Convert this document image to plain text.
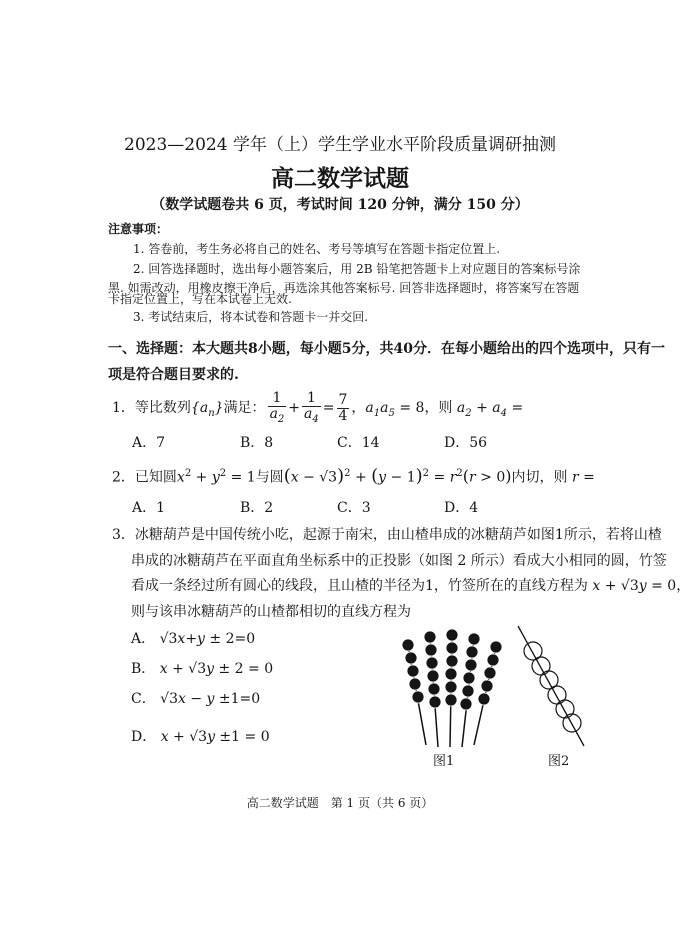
2023—2024 学年（上）学生学业水平阶段质量调研抽测
高二数学试题
（数学试题卷共 6 页，考试时间 120 分钟，满分 150 分）
注意事项：
1. 答卷前，考生务必将自己的姓名、考号等填写在答题卡指定位置上.
2. 回答选择题时，选出每小题答案后，用 2B 铅笔把答题卡上对应题目的答案标号涂
黑. 如需改动，用橡皮擦干净后，再选涂其他答案标号. 回答非选择题时，将答案写在答题
卡指定位置上，写在本试卷上无效.
3. 考试结束后，将本试卷和答题卡一并交回.
一、选择题：本大题共8小题，每小题5分，共40分．在每小题给出的四个选项中，只有一
项是符合题目要求的.
1．等比数列$\{a_n\}$满足： $\frac{1}{a_2} + \frac{1}{a_4} = \frac{7}{4}$ ，$a_1a_5 = 8$，则 $a_2 + a_4$ =
A．7	B．8	C．14	D．56
2．已知圆$x^2 + y^2 = 1$与圆$(x - √3)^2 + (y - 1)^2 = r^2(r > 0)$内切，则 r =
A．1	B．2	C．3	D．4
3．冰糖葫芦是中国传统小吃，起源于南宋，由山楂串成的冰糖葫芦如图1所示，若将山楂
串成的冰糖葫芦在平面直角坐标系中的正投影（如图 2 所示）看成大小相同的圆，竹签
看成一条经过所有圆心的线段，且山楂的半径为1，竹签所在的直线方程为 x + √3y = 0，
则与该串冰糖葫芦的山楂都相切的直线方程为
A． √3x+y ± 2=0
B． x + √3y ± 2 = 0
C． √3x − y ±1=0
D． x + √3y ±1 = 0
图1	图2
高二数学试题　第 1 页（共 6 页）
